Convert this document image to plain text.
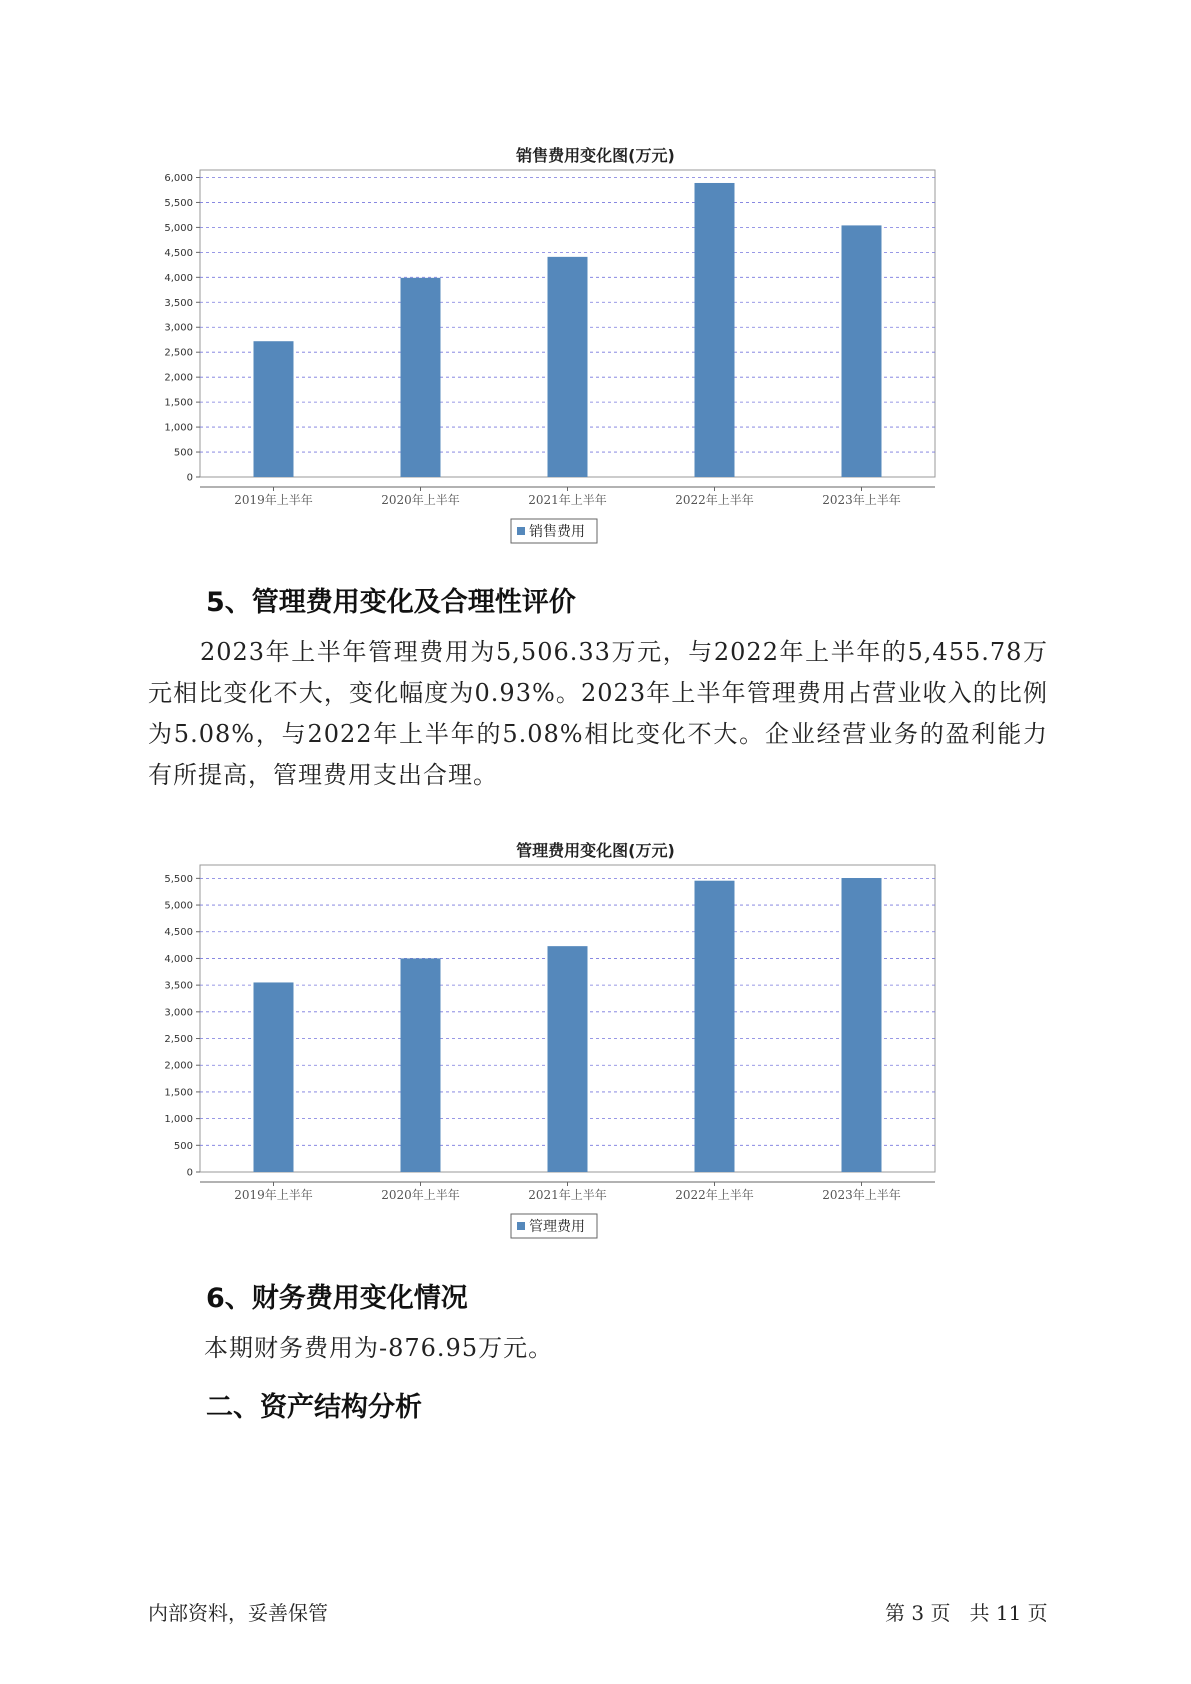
销售费用变化图(万元)
0
500
1,000
1,500
2,000
2,500
3,000
3,500
4,000
4,500
5,000
5,500
6,000
2019年上半年	2020年上半年	2021年上半年	2022年上半年	2023年上半年
销售费用
5、管理费用变化及合理性评价

2023年上半年管理费用为5,506.33万元，与2022年上半年的5,455.78万元相比变化不大，变化幅度为0.93%。2023年上半年管理费用占营业收入的比例为5.08%，与2022年上半年的5.08%相比变化不大。企业经营业务的盈利能力有所提高，管理费用支出合理。

管理费用变化图(万元)
0
500
1,000
1,500
2,000
2,500
3,000
3,500
4,000
4,500
5,000
5,500
2019年上半年	2020年上半年	2021年上半年	2022年上半年	2023年上半年
管理费用
6、财务费用变化情况
本期财务费用为-876.95万元。
二、资产结构分析
内部资料，妥善保管	第 3 页   共 11 页
